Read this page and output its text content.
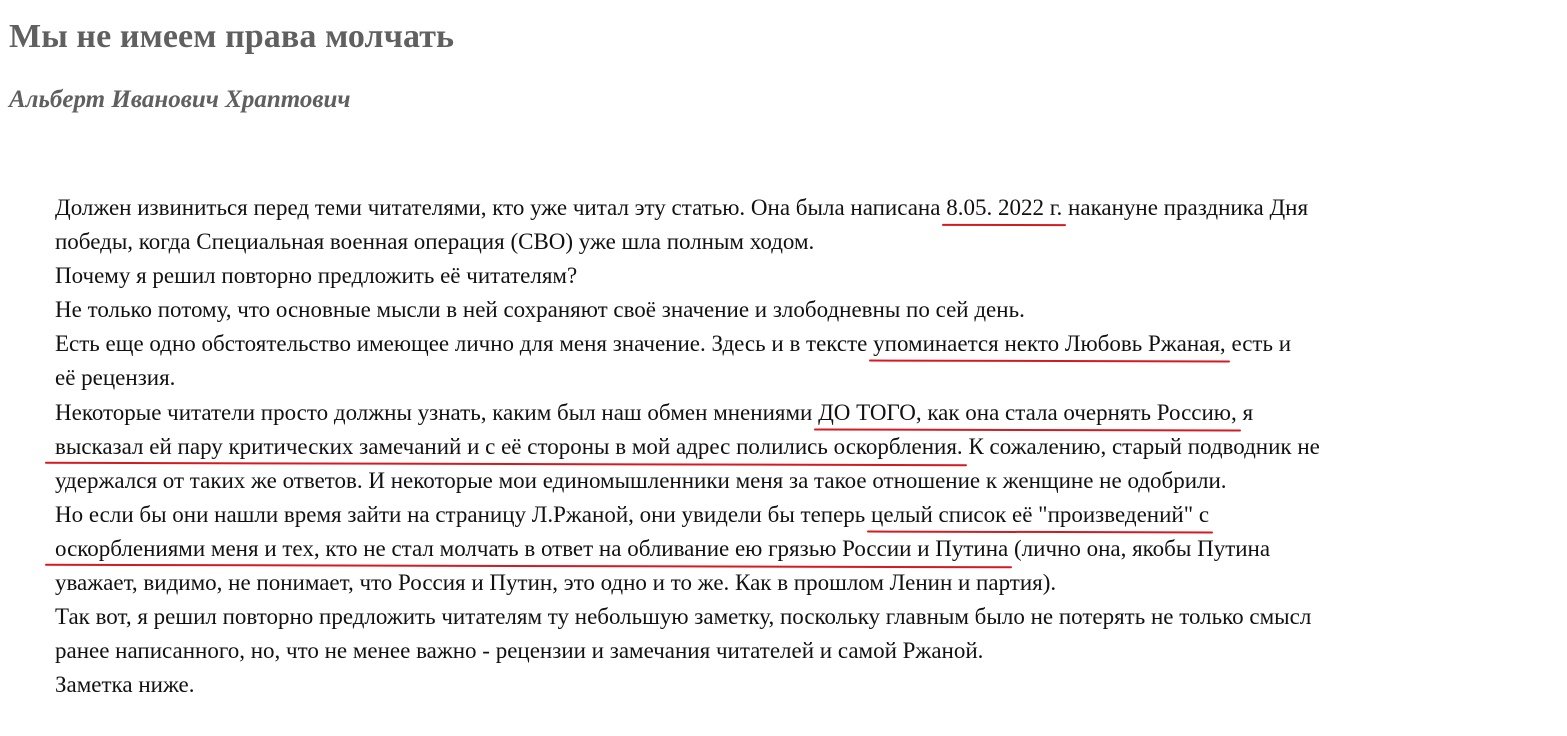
Мы не имеем права молчать
Альберт Иванович Храптович
Должен извиниться перед теми читателями, кто уже читал эту статью. Она была написана 8.05. 2022 г. накануне праздника Дня
победы, когда Специальная военная операция (СВО) уже шла полным ходом.
Почему я решил повторно предложить её читателям?
Не только потому, что основные мысли в ней сохраняют своё значение и злободневны по сей день.
Есть еще одно обстоятельство имеющее лично для меня значение. Здесь и в тексте упоминается некто Любовь Ржаная, есть и
её рецензия.
Некоторые читатели просто должны узнать, каким был наш обмен мнениями ДО ТОГО, как она стала очернять Россию, я
высказал ей пару критических замечаний и с её стороны в мой адрес полились оскорбления. К сожалению, старый подводник не
удержался от таких же ответов. И некоторые мои единомышленники меня за такое отношение к женщине не одобрили.
Но если бы они нашли время зайти на страницу Л.Ржаной, они увидели бы теперь целый список её "произведений" с
оскорблениями меня и тех, кто не стал молчать в ответ на обливание ею грязью России и Путина (лично она, якобы Путина
уважает, видимо, не понимает, что Россия и Путин, это одно и то же. Как в прошлом Ленин и партия).
Так вот, я решил повторно предложить читателям ту небольшую заметку, поскольку главным было не потерять не только смысл
ранее написанного, но, что не менее важно - рецензии и замечания читателей и самой Ржаной.
Заметка ниже.
